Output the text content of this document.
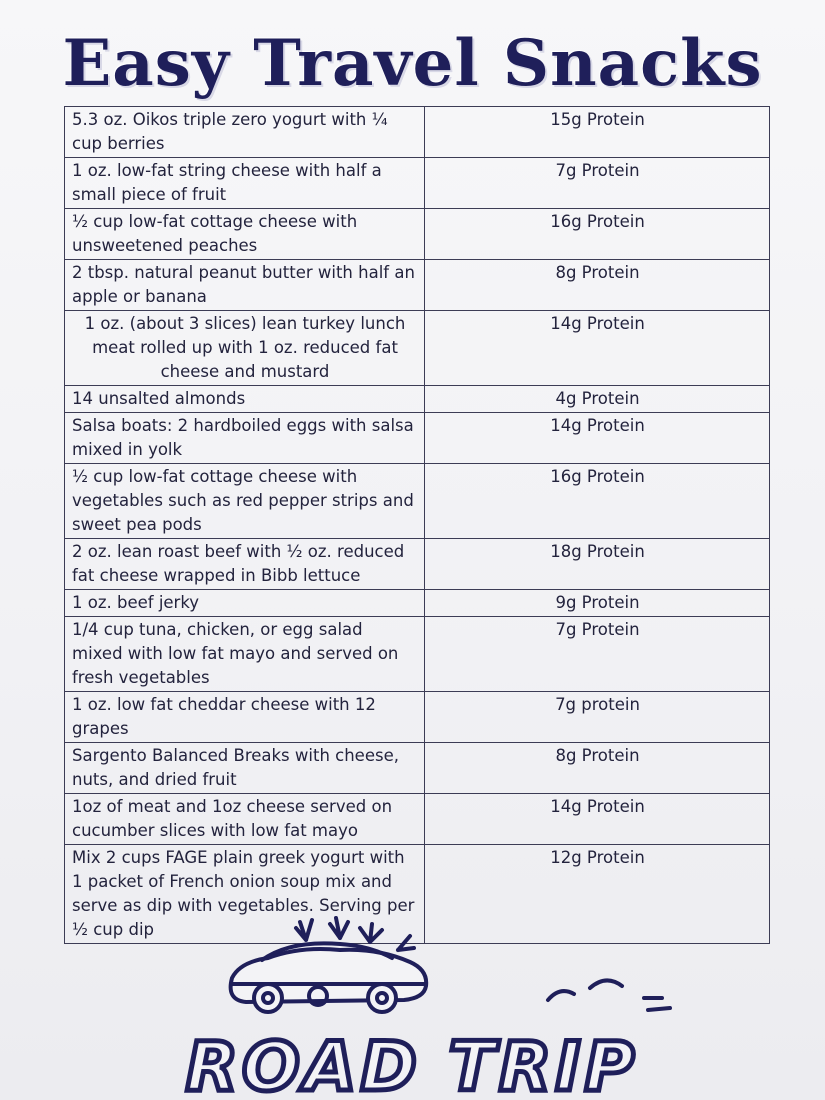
Easy Travel Snacks
5.3 oz. Oikos triple zero yogurt with ¼ cup berries	15g Protein
1 oz. low-fat string cheese with half a small piece of fruit	7g Protein
½ cup low-fat cottage cheese with unsweetened peaches	16g Protein
2 tbsp. natural peanut butter with half an apple or banana	8g Protein
1 oz. (about 3 slices) lean turkey lunch meat rolled up with 1 oz. reduced fat cheese and mustard	14g Protein
14 unsalted almonds	4g Protein
Salsa boats: 2 hardboiled eggs with salsa mixed in yolk	14g Protein
½ cup low-fat cottage cheese with vegetables such as red pepper strips and sweet pea pods	16g Protein
2 oz. lean roast beef with ½ oz. reduced fat cheese wrapped in Bibb lettuce	18g Protein
1 oz. beef jerky	9g Protein
1/4 cup tuna, chicken, or egg salad mixed with low fat mayo and served on fresh vegetables	7g Protein
1 oz. low fat cheddar cheese with 12 grapes	7g protein
Sargento Balanced Breaks with cheese, nuts, and dried fruit	8g Protein
1oz of meat and 1oz cheese served on cucumber slices with low fat mayo	14g Protein
Mix 2 cups FAGE plain greek yogurt with 1 packet of French onion soup mix and serve as dip with vegetables. Serving per ½ cup dip	12g Protein
ROAD TRIP
